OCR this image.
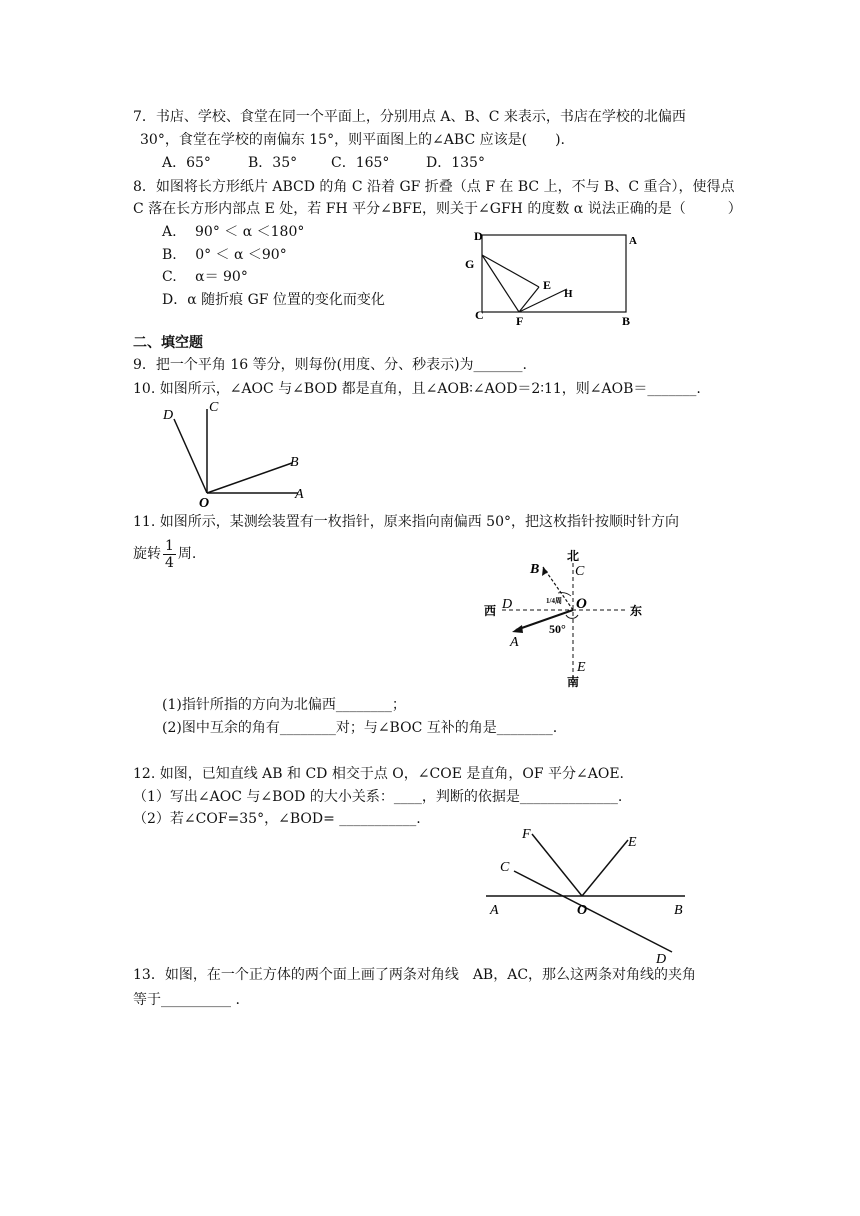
7．书店、学校、食堂在同一个平面上，分别用点 A、B、C 来表示，书店在学校的北偏西
30°，食堂在学校的南偏东 15°，则平面图上的∠ABC 应该是(　　).
A．65°	B．35° C．165°	D．135°
8．如图将长方形纸片 ABCD 的角 C 沿着 GF 折叠（点 F 在 BC 上，不与 B、C 重合），使得点
C 落在长方形内部点 E 处，若 FH 平分∠BFE，则关于∠GFH 的度数 α 说法正确的是（　　　）
A.　 90° ＜ α ＜180°
B.　 0° ＜ α ＜90°
C.　 α＝ 90°
D．α 随折痕 GF 位置的变化而变化
D	A
G
E
H
C	F	B
二、填空题
9．把一个平角 16 等分，则每份(用度、分、秒表示)为_______.
10. 如图所示，∠AOC 与∠BOD 都是直角，且∠AOB∶∠AOD＝2∶11，则∠AOB＝_______.
D
C
B
O
A
11. 如图所示，某测绘装置有一枚指针，原来指向南偏西 50°，把这枚指针按顺时针方向
旋转 $\frac{1}{4}$ 周.	北
C
B
西 D	O	东
1/4周
50°
A
E
南
(1)指针所指的方向为北偏西________；
(2)图中互余的角有________对；与∠BOC 互补的角是________.
12. 如图，已知直线 AB 和 CD 相交于点 O，∠COE 是直角，OF 平分∠AOE.
（1）写出∠AOC 与∠BOD 的大小关系：____，判断的依据是______________.
（2）若∠COF=35°，∠BOD= ___________.
F
E
C
A	O	B
D
13．如图，在一个正方体的两个面上画了两条对角线　AB，AC，那么这两条对角线的夹角
等于__________ .
